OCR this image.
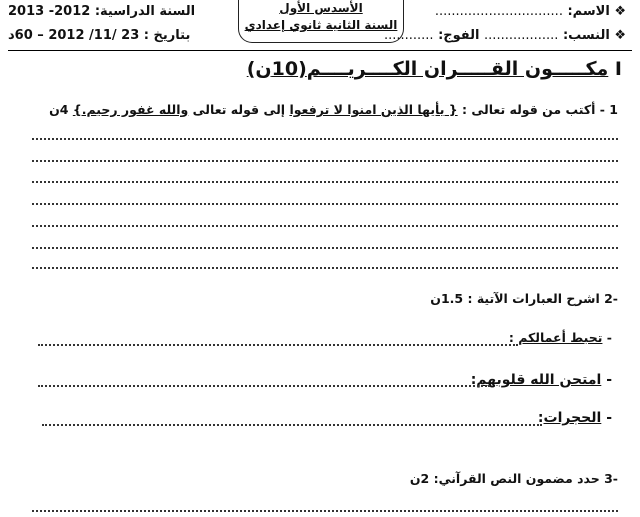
❖ الاسم: ...............................
❖ النسب: .................. الفوج: ............
الأسدس الأول
السنة الثانية ثانوي إعدادي
السنة الدراسية: 2012- 2013
بتاريخ : 23 /11/ 2012 – 60د
I مكـــــون القـــــران الكــــريــــم(10ن)
1 - أكتب من قوله تعالى : { يأيها الذين امنوا لا ترفعوا إلى قوله تعالى والله غفور رحيم.} 4ن
-2 اشرح العبارات الآتية : 1.5ن
- تحبط أعمالكم :
- امتحن الله قلوبهم:
- الحجرات:
-3 حدد مضمون النص القرآني: 2ن
